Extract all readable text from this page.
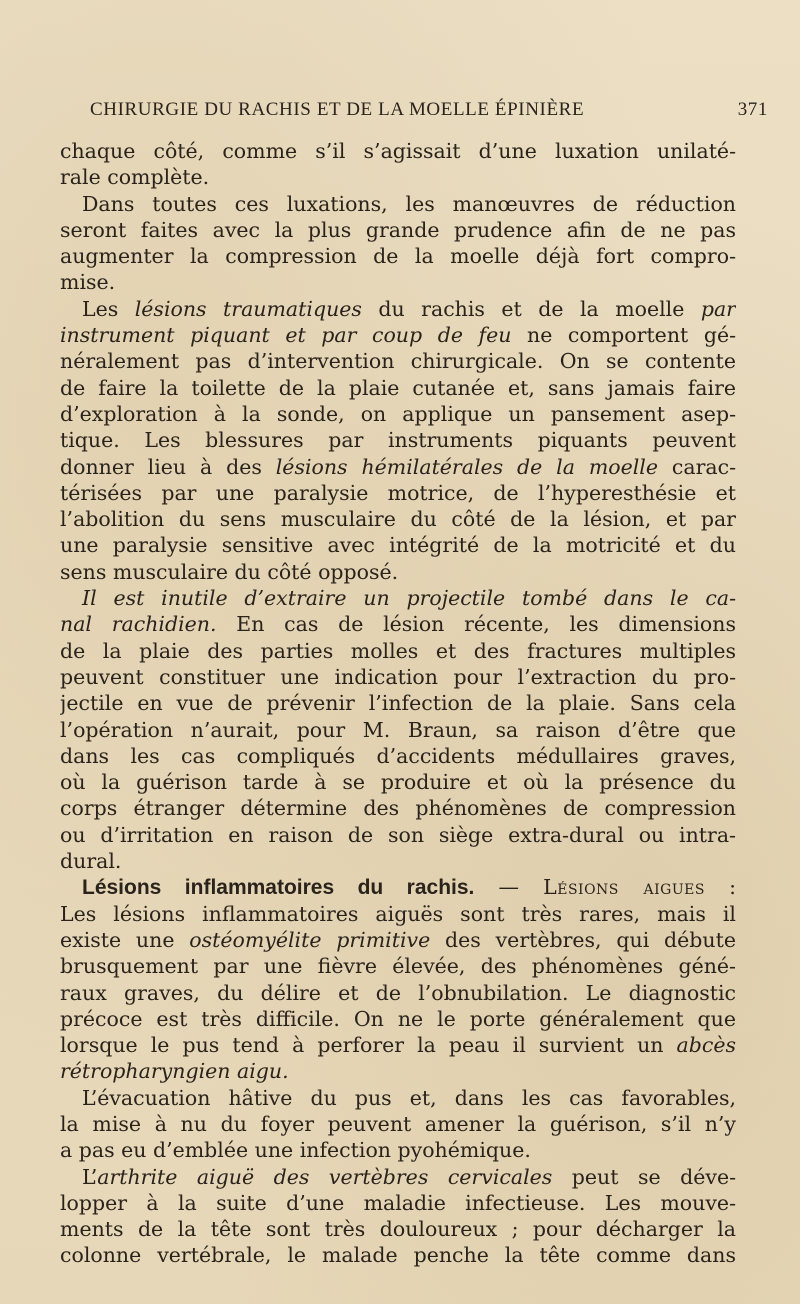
CHIRURGIE DU RACHIS ET DE LA MOELLE ÉPINIÈRE	371
chaque côté, comme s’il s’agissait d’une luxation unilaté-
rale complète.
Dans toutes ces luxations, les manœuvres de réduction
seront faites avec la plus grande prudence afin de ne pas
augmenter la compression de la moelle déjà fort compro-
mise.
Les lésions traumatiques du rachis et de la moelle par
instrument piquant et par coup de feu ne comportent gé-
néralement pas d’intervention chirurgicale. On se contente
de faire la toilette de la plaie cutanée et, sans jamais faire
d’exploration à la sonde, on applique un pansement asep-
tique. Les blessures par instruments piquants peuvent
donner lieu à des lésions hémilatérales de la moelle carac-
térisées par une paralysie motrice, de l’hyperesthésie et
l’abolition du sens musculaire du côté de la lésion, et par
une paralysie sensitive avec intégrité de la motricité et du
sens musculaire du côté opposé.
Il est inutile d’extraire un projectile tombé dans le ca-
nal rachidien. En cas de lésion récente, les dimensions
de la plaie des parties molles et des fractures multiples
peuvent constituer une indication pour l’extraction du pro-
jectile en vue de prévenir l’infection de la plaie. Sans cela
l’opération n’aurait, pour M. Braun, sa raison d’être que
dans les cas compliqués d’accidents médullaires graves,
où la guérison tarde à se produire et où la présence du
corps étranger détermine des phénomènes de compression
ou d’irritation en raison de son siège extra-dural ou intra-
dural.
Lésions inflammatoires du rachis. — Lésions aigues :
Les lésions inflammatoires aiguës sont très rares, mais il
existe une ostéomyélite primitive des vertèbres, qui débute
brusquement par une fièvre élevée, des phénomènes géné-
raux graves, du délire et de l’obnubilation. Le diagnostic
précoce est très difficile. On ne le porte généralement que
lorsque le pus tend à perforer la peau il survient un abcès
rétropharyngien aigu.
L’évacuation hâtive du pus et, dans les cas favorables,
la mise à nu du foyer peuvent amener la guérison, s’il n’y
a pas eu d’emblée une infection pyohémique.
L’arthrite aiguë des vertèbres cervicales peut se déve-
lopper à la suite d’une maladie infectieuse. Les mouve-
ments de la tête sont très douloureux ; pour décharger la
colonne vertébrale, le malade penche la tête comme dans
